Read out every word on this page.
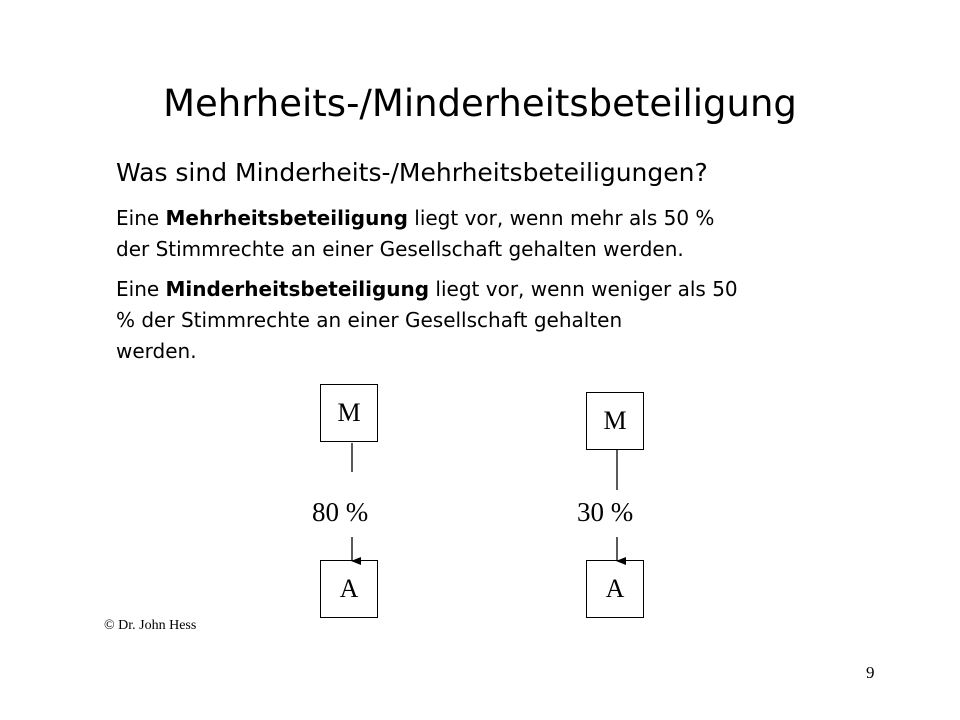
Mehrheits-/Minderheitsbeteiligung

Was sind Minderheits-/Mehrheitsbeteiligungen?

Eine Mehrheitsbeteiligung liegt vor, wenn mehr als 50 %
der Stimmrechte an einer Gesellschaft gehalten werden.

Eine Minderheitsbeteiligung liegt vor, wenn weniger als 50
% der Stimmrechte an einer Gesellschaft gehalten
werden.

M
80 %
A
M
30 %
A
© Dr. John Hess
9
